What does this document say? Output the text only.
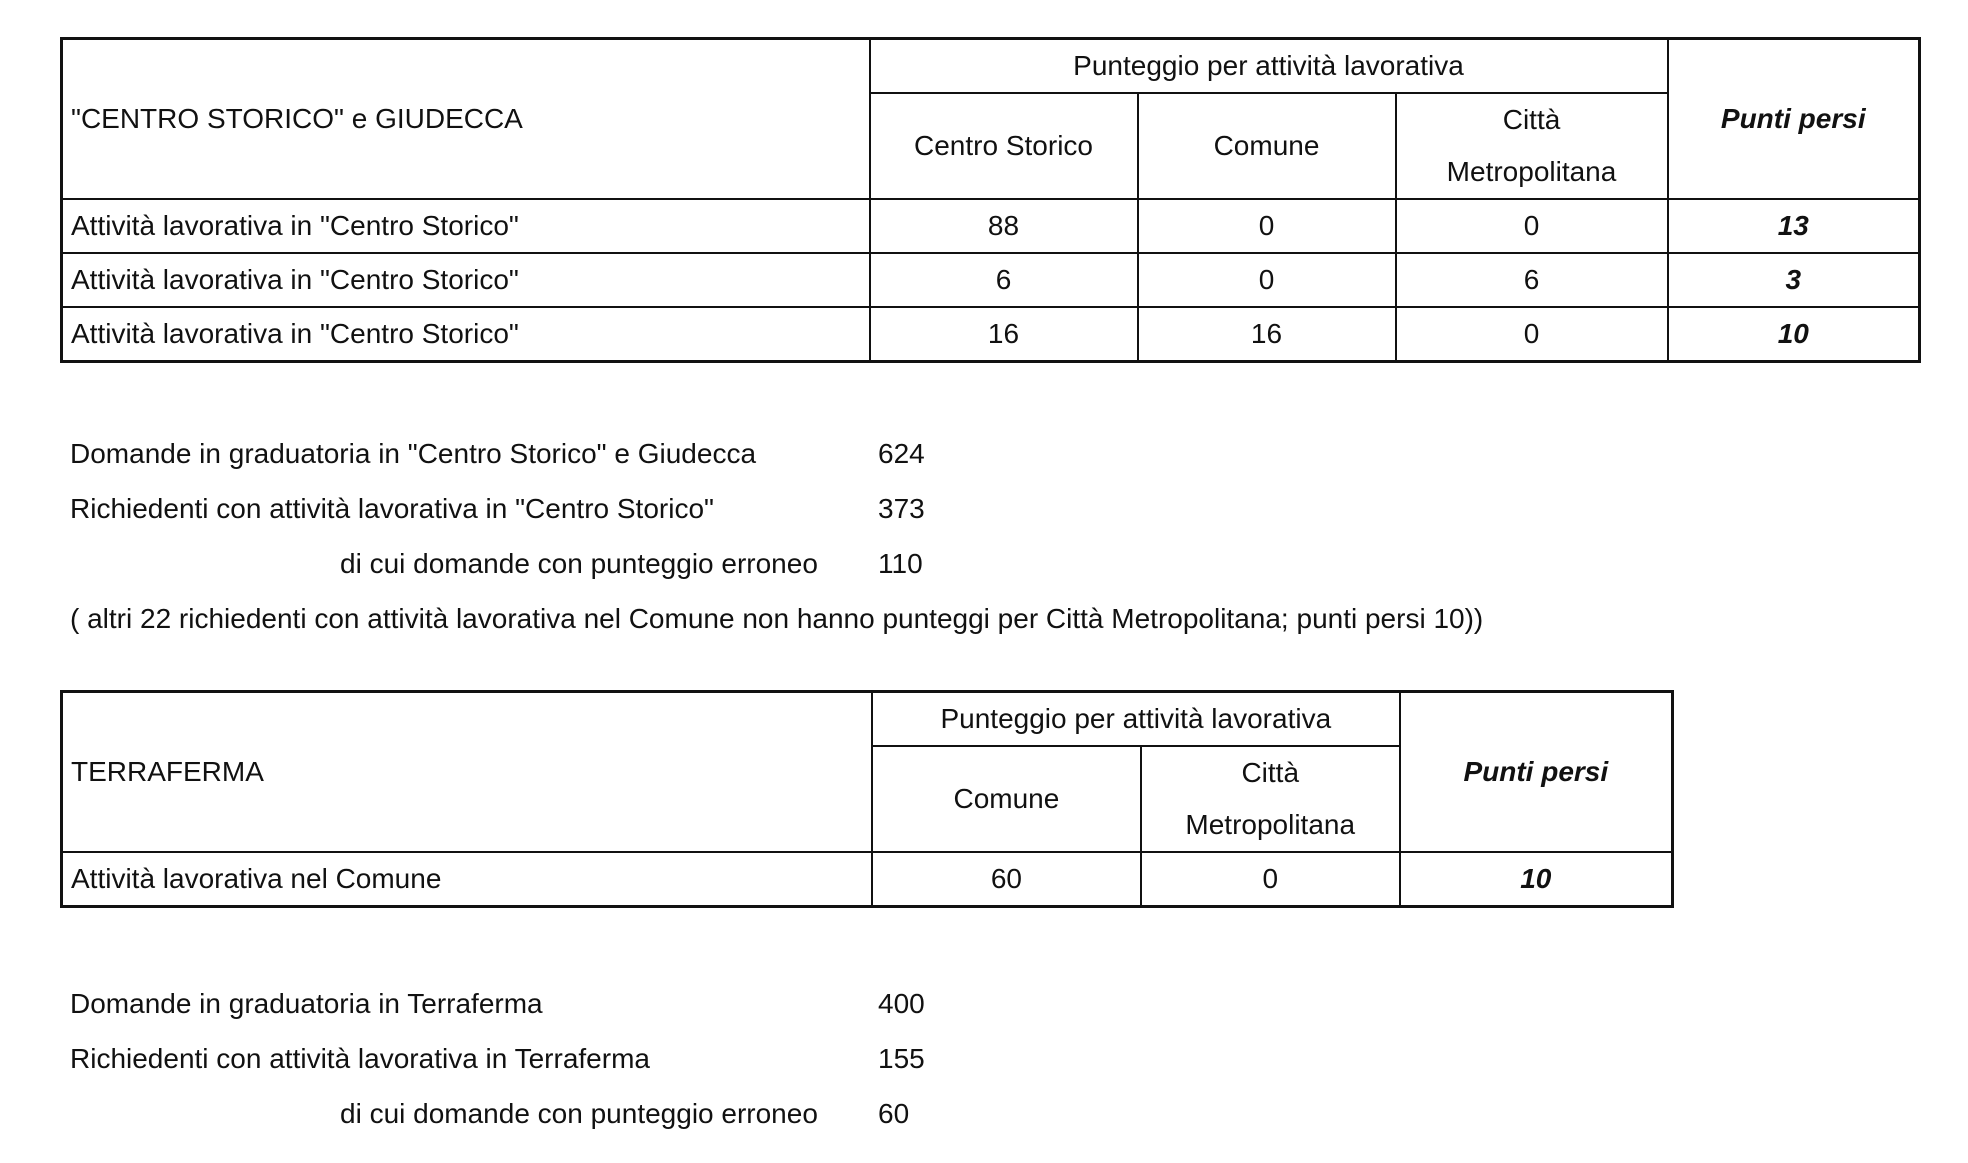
"CENTRO STORICO" e GIUDECCA	Punteggio per attività lavorativa			Punti persi
	Centro Storico	Comune	Città	
			Metropolitana	
Attività lavorativa in "Centro Storico"	88	0	0	13
Attività lavorativa in "Centro Storico"	6	0	6	3
Attività lavorativa in "Centro Storico"	16	16	0	10
Domande in graduatoria in "Centro Storico" e Giudecca	624
Richiedenti con attività lavorativa in "Centro Storico"	373
di cui domande con punteggio erroneo 110
( altri 22 richiedenti con attività lavorativa nel Comune non hanno punteggi per Città Metropolitana; punti persi 10))
TERRAFERMA	Punteggio per attività lavorativa		Punti persi
	Comune	Città	
		Metropolitana	
Attività lavorativa nel Comune	60	0	10
Domande in graduatoria in Terraferma	400
Richiedenti con attività lavorativa in Terraferma	155
di cui domande con punteggio erroneo 60
